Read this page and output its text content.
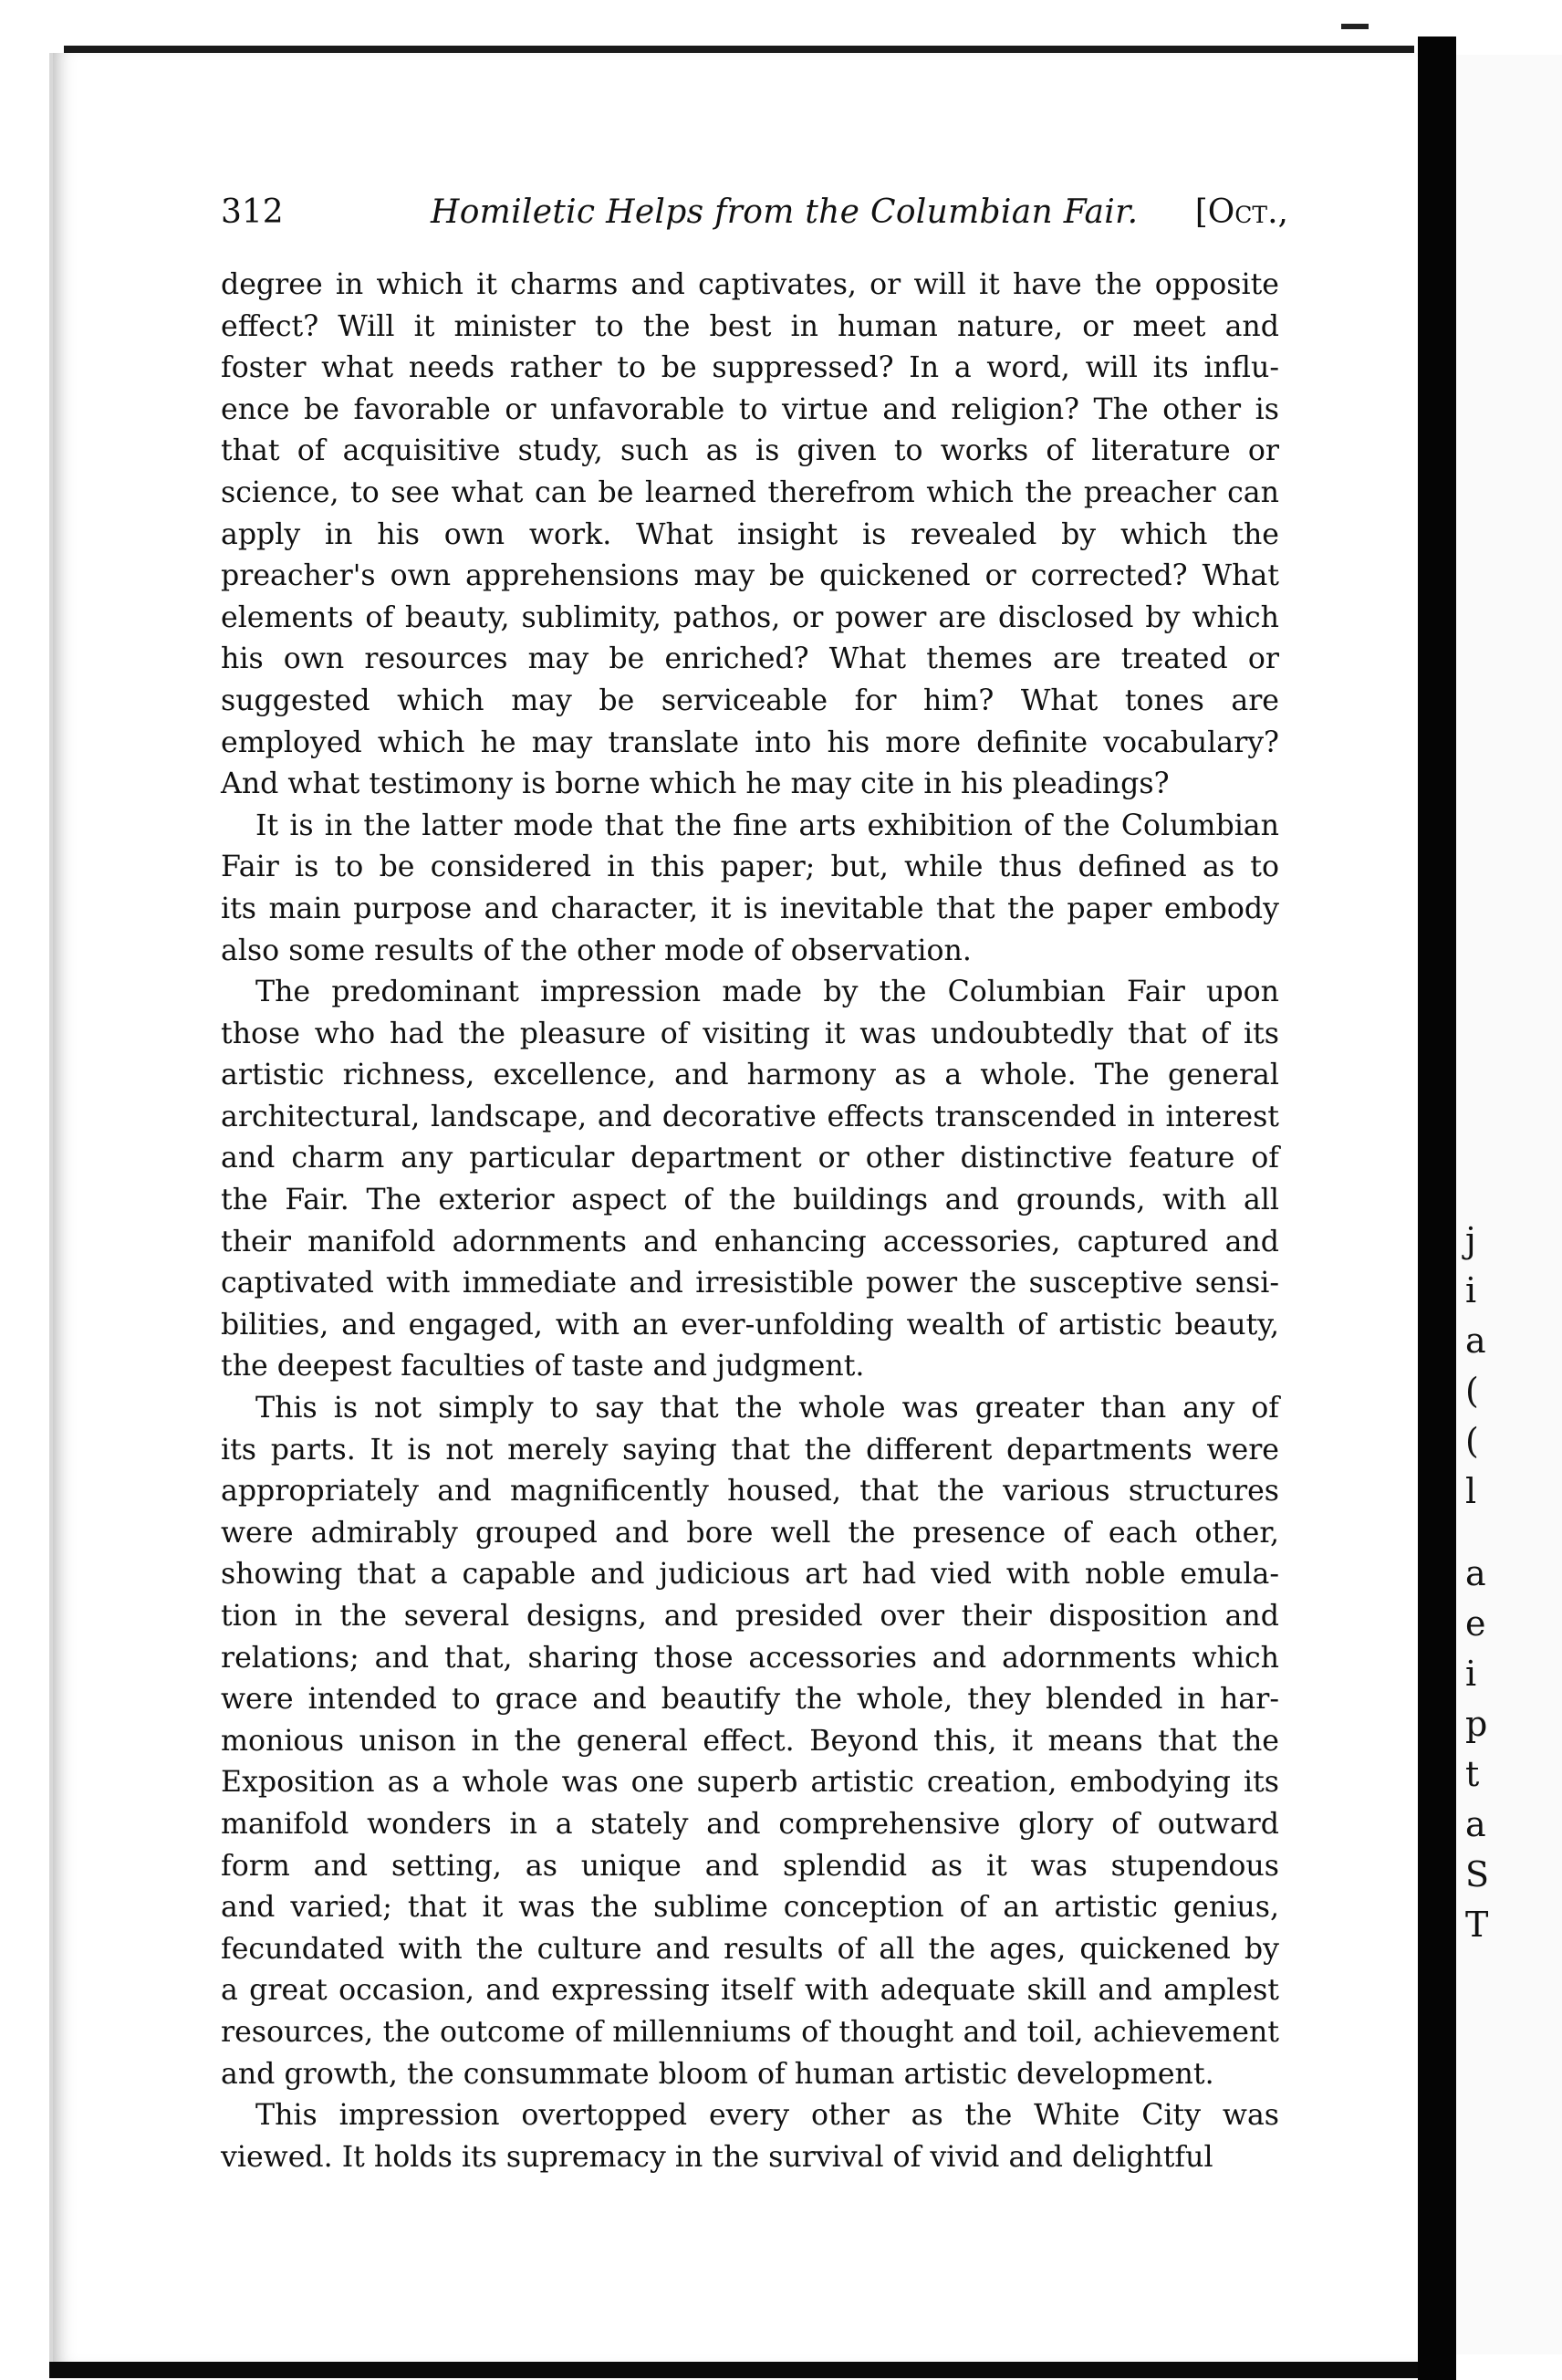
j
i
a
(
(
l
a
e
i
p
t
a
S
T
312	Homiletic Helps from the Columbian Fair. [Oct.,
degree in which it charms and captivates, or will it have the opposite
effect? Will it minister to the best in human nature, or meet and
foster what needs rather to be suppressed? In a word, will its influ-
ence be favorable or unfavorable to virtue and religion? The other is
that of acquisitive study, such as is given to works of literature or
science, to see what can be learned therefrom which the preacher can
apply in his own work. What insight is revealed by which the
preacher's own apprehensions may be quickened or corrected? What
elements of beauty, sublimity, pathos, or power are disclosed by which
his own resources may be enriched? What themes are treated or
suggested which may be serviceable for him? What tones are
employed which he may translate into his more definite vocabulary?
And what testimony is borne which he may cite in his pleadings?
It is in the latter mode that the fine arts exhibition of the Columbian
Fair is to be considered in this paper; but, while thus defined as to
its main purpose and character, it is inevitable that the paper embody
also some results of the other mode of observation.
The predominant impression made by the Columbian Fair upon
those who had the pleasure of visiting it was undoubtedly that of its
artistic richness, excellence, and harmony as a whole. The general
architectural, landscape, and decorative effects transcended in interest
and charm any particular department or other distinctive feature of
the Fair. The exterior aspect of the buildings and grounds, with all
their manifold adornments and enhancing accessories, captured and
captivated with immediate and irresistible power the susceptive sensi-
bilities, and engaged, with an ever-unfolding wealth of artistic beauty,
the deepest faculties of taste and judgment.
This is not simply to say that the whole was greater than any of
its parts. It is not merely saying that the different departments were
appropriately and magnificently housed, that the various structures
were admirably grouped and bore well the presence of each other,
showing that a capable and judicious art had vied with noble emula-
tion in the several designs, and presided over their disposition and
relations; and that, sharing those accessories and adornments which
were intended to grace and beautify the whole, they blended in har-
monious unison in the general effect. Beyond this, it means that the
Exposition as a whole was one superb artistic creation, embodying its
manifold wonders in a stately and comprehensive glory of outward
form and setting, as unique and splendid as it was stupendous
and varied; that it was the sublime conception of an artistic genius,
fecundated with the culture and results of all the ages, quickened by
a great occasion, and expressing itself with adequate skill and amplest
resources, the outcome of millenniums of thought and toil, achievement
and growth, the consummate bloom of human artistic development.
This impression overtopped every other as the White City was
viewed. It holds its supremacy in the survival of vivid and delightful
